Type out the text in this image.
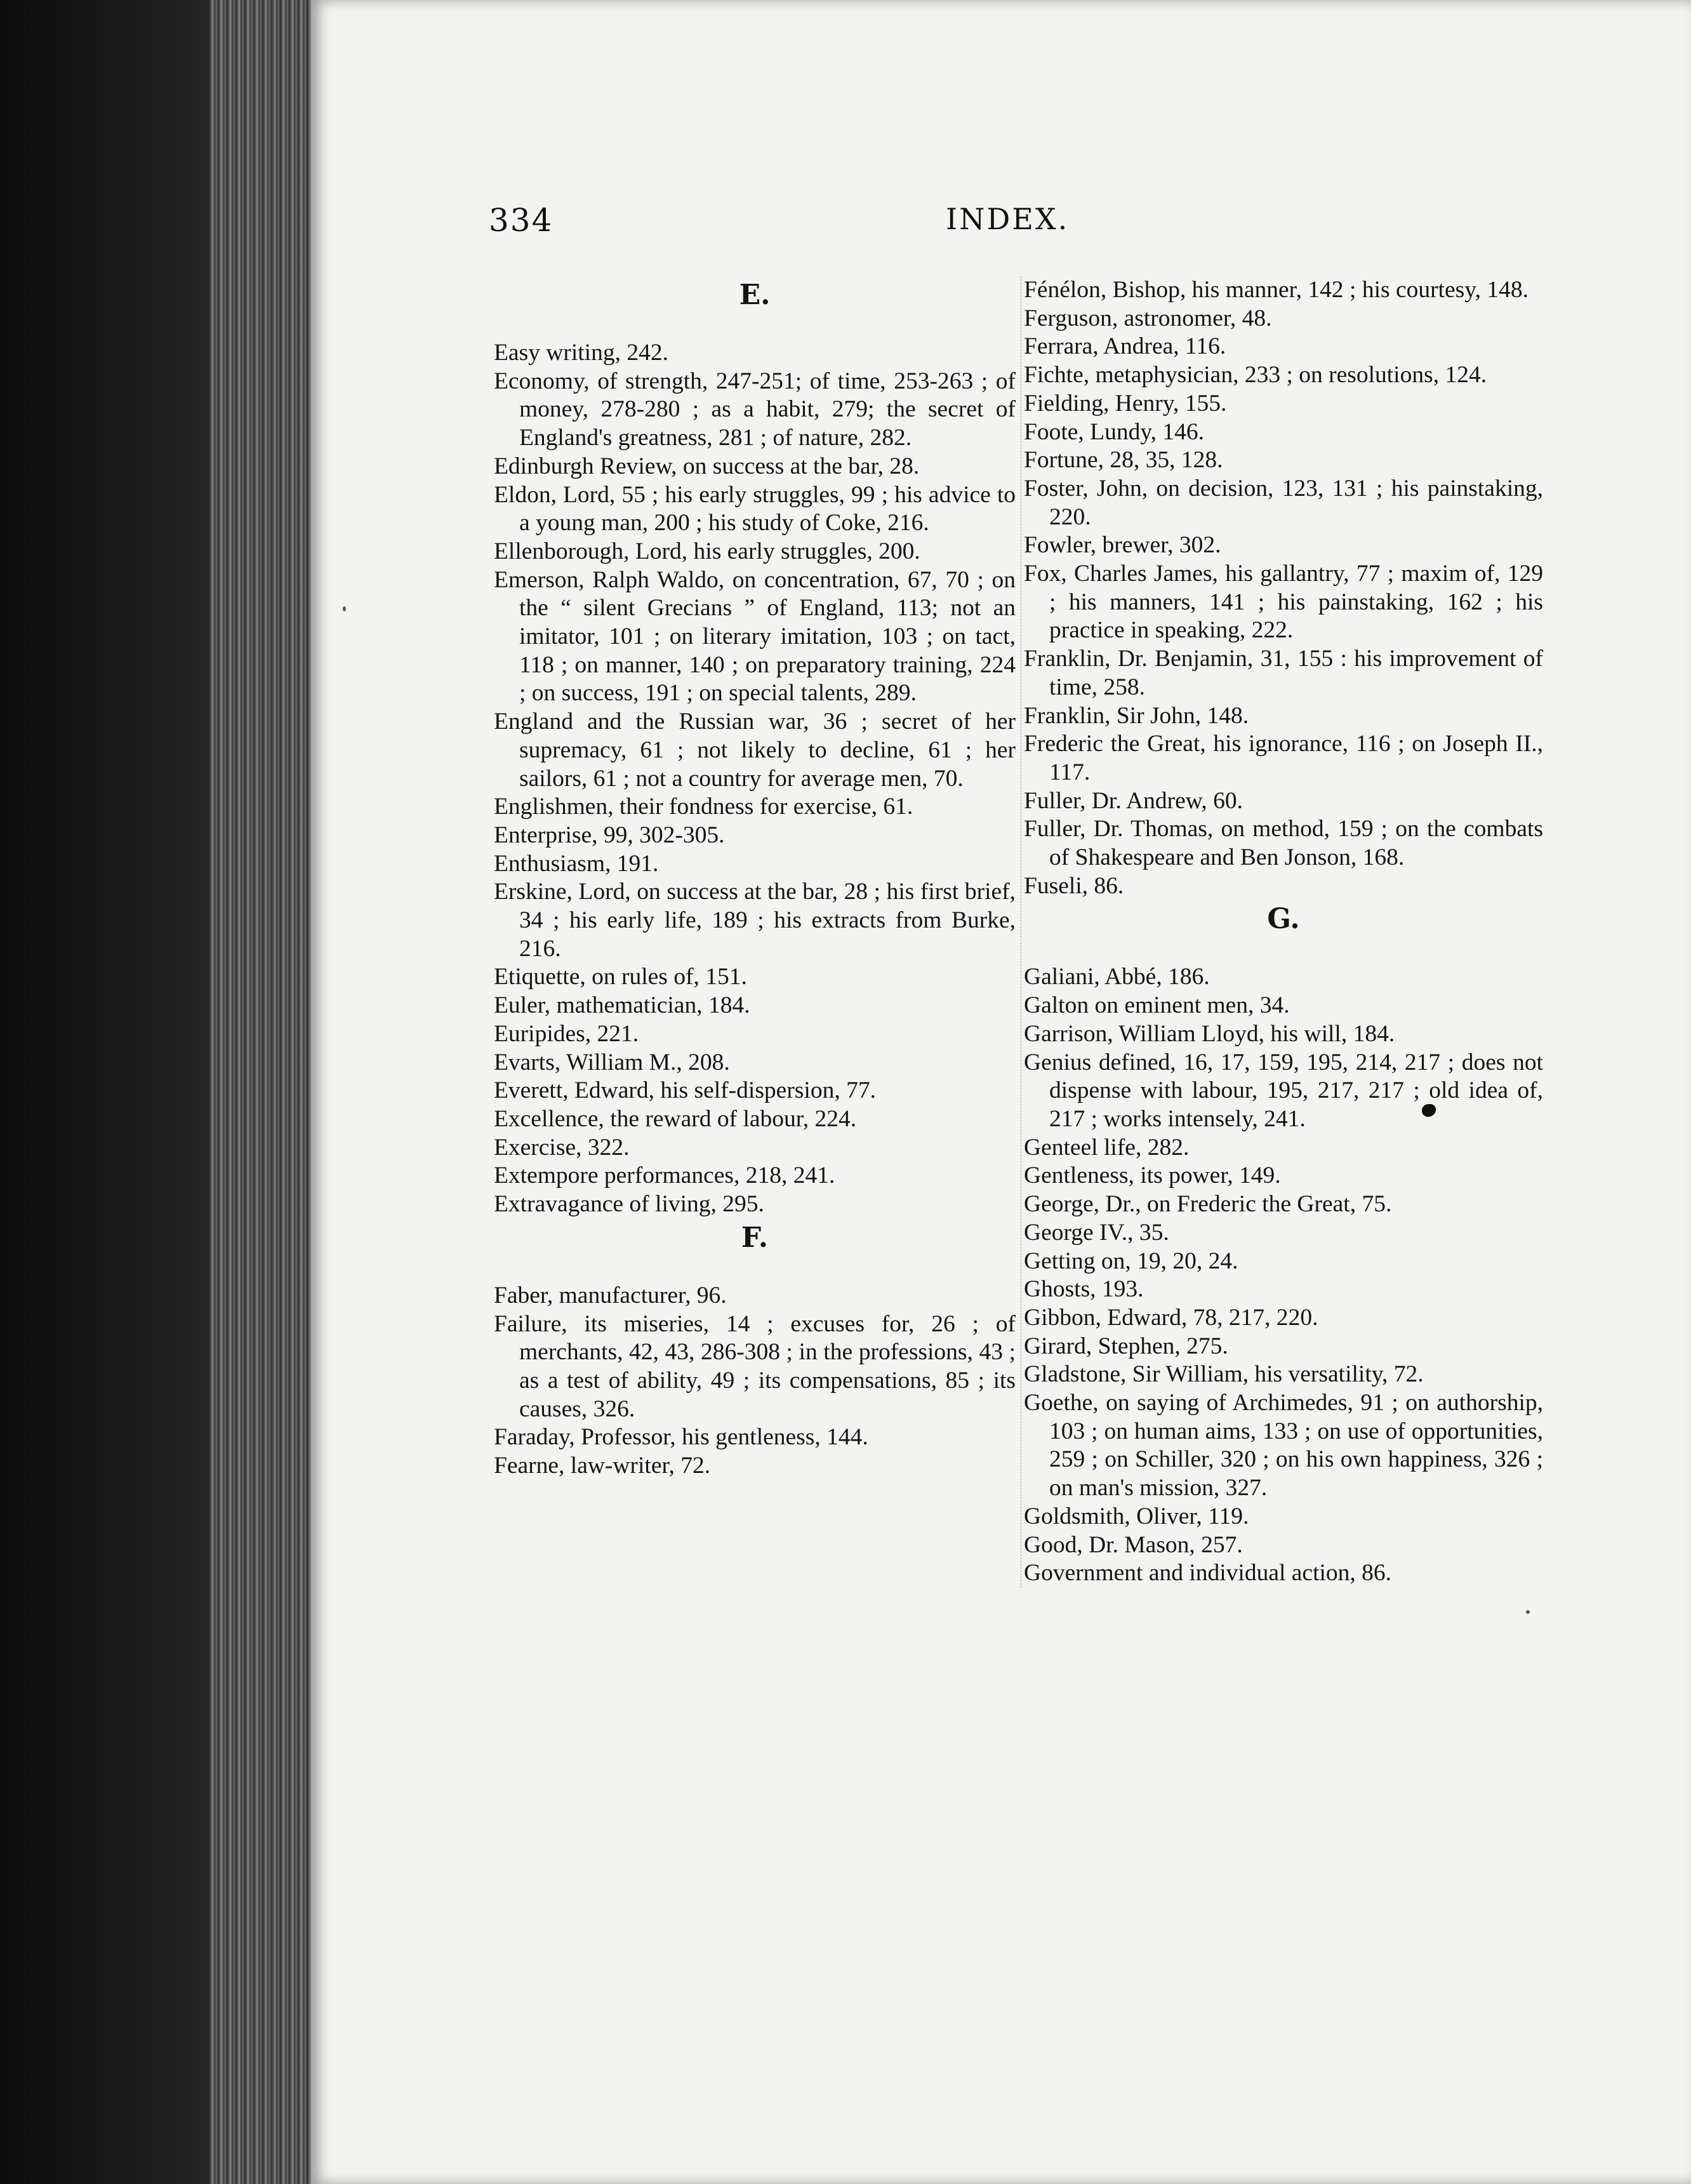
334	INDEX.

E.

Easy writing, 242.

Economy, of strength, 247-251; of time, 253-263 ; of money, 278-280 ; as a habit, 279; the secret of England's greatness, 281 ; of nature, 282.

Edinburgh Review, on success at the bar, 28.

Eldon, Lord, 55 ; his early struggles, 99 ; his advice to a young man, 200 ; his study of Coke, 216.

Ellenborough, Lord, his early struggles, 200.

Emerson, Ralph Waldo, on concentration, 67, 70 ; on the “ silent Grecians ” of England, 113; not an imitator, 101 ; on literary imitation, 103 ; on tact, 118 ; on manner, 140 ; on preparatory training, 224 ; on success, 191 ; on special talents, 289.

England and the Russian war, 36 ; secret of her supremacy, 61 ; not likely to decline, 61 ; her sailors, 61 ; not a country for average men, 70.

Englishmen, their fondness for exercise, 61.

Enterprise, 99, 302-305.

Enthusiasm, 191.

Erskine, Lord, on success at the bar, 28 ; his first brief, 34 ; his early life, 189 ; his extracts from Burke, 216.

Etiquette, on rules of, 151.

Euler, mathematician, 184.

Euripides, 221.

Evarts, William M., 208.

Everett, Edward, his self-dispersion, 77.

Excellence, the reward of labour, 224.

Exercise, 322.

Extempore performances, 218, 241.

Extravagance of living, 295.

F.

Faber, manufacturer, 96.

Failure, its miseries, 14 ; excuses for, 26 ; of merchants, 42, 43, 286-308 ; in the professions, 43 ; as a test of ability, 49 ; its compensations, 85 ; its causes, 326.

Faraday, Professor, his gentleness, 144.

Fearne, law-writer, 72.

Fénélon, Bishop, his manner, 142 ; his courtesy, 148.

Ferguson, astronomer, 48.

Ferrara, Andrea, 116.

Fichte, metaphysician, 233 ; on resolutions, 124.

Fielding, Henry, 155.

Foote, Lundy, 146.

Fortune, 28, 35, 128.

Foster, John, on decision, 123, 131 ; his painstaking, 220.

Fowler, brewer, 302.

Fox, Charles James, his gallantry, 77 ; maxim of, 129 ; his manners, 141 ; his painstaking, 162 ; his practice in speaking, 222.

Franklin, Dr. Benjamin, 31, 155 : his improvement of time, 258.

Franklin, Sir John, 148.

Frederic the Great, his ignorance, 116 ; on Joseph II., 117.

Fuller, Dr. Andrew, 60.

Fuller, Dr. Thomas, on method, 159 ; on the combats of Shakespeare and Ben Jonson, 168.

Fuseli, 86.

G.

Galiani, Abbé, 186.

Galton on eminent men, 34.

Garrison, William Lloyd, his will, 184.

Genius defined, 16, 17, 159, 195, 214, 217 ; does not dispense with labour, 195, 217, 217 ; old idea of, 217 ; works intensely, 241.

Genteel life, 282.

Gentleness, its power, 149.

George, Dr., on Frederic the Great, 75.

George IV., 35.

Getting on, 19, 20, 24.

Ghosts, 193.

Gibbon, Edward, 78, 217, 220.

Girard, Stephen, 275.

Gladstone, Sir William, his versatility, 72.

Goethe, on saying of Archimedes, 91 ; on authorship, 103 ; on human aims, 133 ; on use of opportunities, 259 ; on Schiller, 320 ; on his own happiness, 326 ; on man's mission, 327.

Goldsmith, Oliver, 119.

Good, Dr. Mason, 257.

Government and individual action, 86.
